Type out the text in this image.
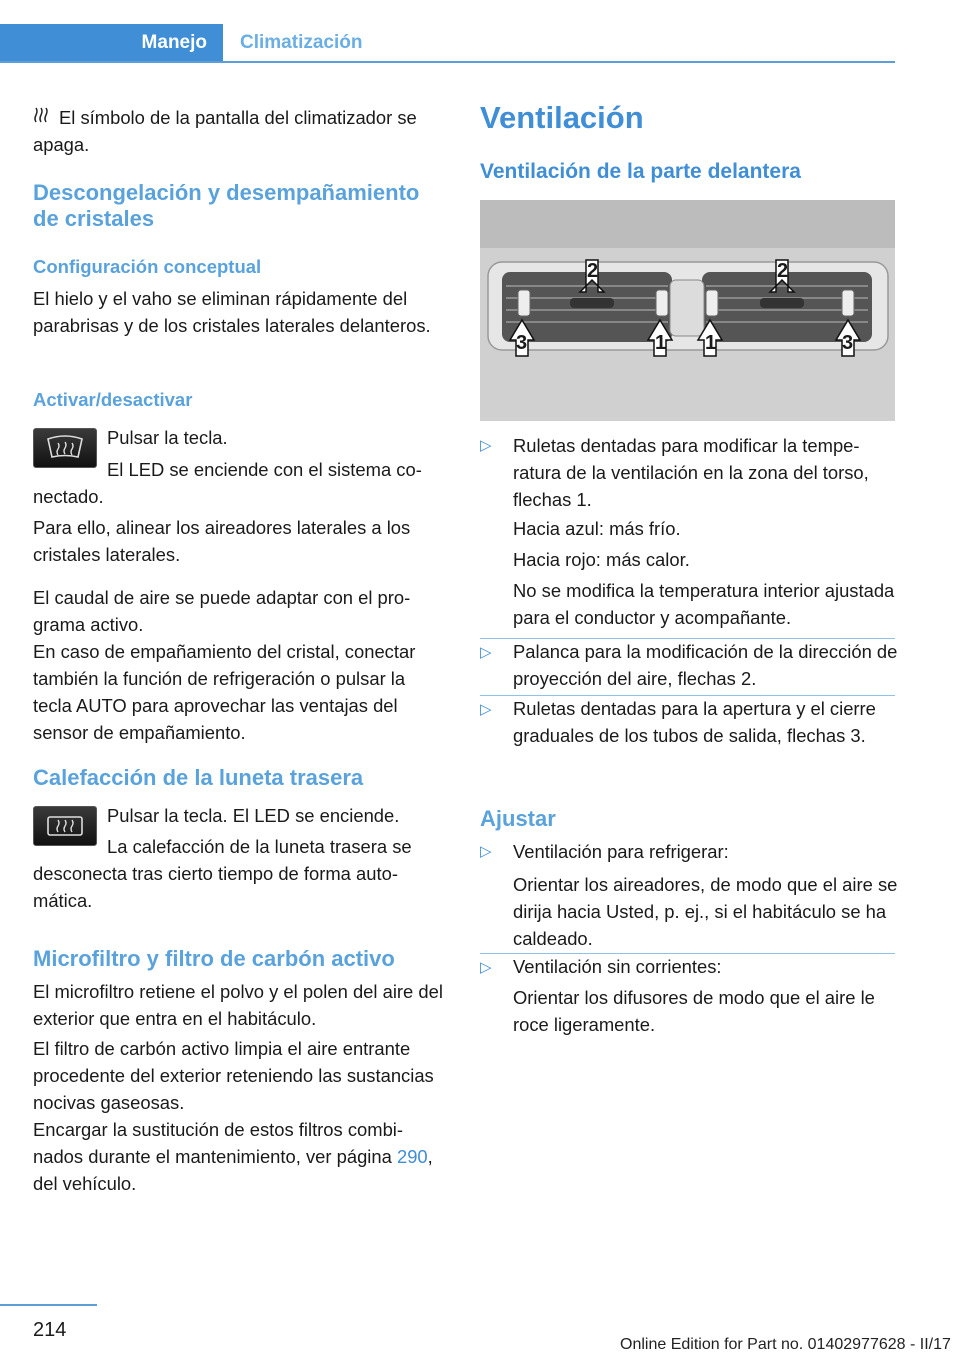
Manejo Climatización
El símbolo de la pantalla del climatizador se apaga.
Descongelación y desempañamiento de cristales
Configuración conceptual
El hielo y el vaho se eliminan rápidamente del parabrisas y de los cristales laterales delanteros.
Activar/desactivar
Pulsar la tecla.
El LED se enciende con el sistema conectado.
Para ello, alinear los aireadores laterales a los cristales laterales.
El caudal de aire se puede adaptar con el programa activo.
En caso de empañamiento del cristal, conectar también la función de refrigeración o pulsar la tecla AUTO para aprovechar las ventajas del sensor de empañamiento.
Calefacción de la luneta trasera
Pulsar la tecla. El LED se enciende.
La calefacción de la luneta trasera se desconecta tras cierto tiempo de forma automática.
Microfiltro y filtro de carbón activo
El microfiltro retiene el polvo y el polen del aire del exterior que entra en el habitáculo.
El filtro de carbón activo limpia el aire entrante procedente del exterior reteniendo las sustancias nocivas gaseosas.
Encargar la sustitución de estos filtros combinados durante el mantenimiento, ver página 290, del vehículo.
Ventilación
Ventilación de la parte delantera
2	2
3	1 1	3
▷ Ruletas dentadas para modificar la temperatura de la ventilación en la zona del torso, flechas 1.
Hacia azul: más frío.
Hacia rojo: más calor.
No se modifica la temperatura interior ajustada para el conductor y acompañante.
▷ Palanca para la modificación de la dirección de proyección del aire, flechas 2.
▷ Ruletas dentadas para la apertura y el cierre graduales de los tubos de salida, flechas 3.
Ajustar
▷ Ventilación para refrigerar:
Orientar los aireadores, de modo que el aire se dirija hacia Usted, p. ej., si el habitáculo se ha caldeado.
▷ Ventilación sin corrientes:
Orientar los difusores de modo que el aire le roce ligeramente.
214
Online Edition for Part no. 01402977628 - II/17
